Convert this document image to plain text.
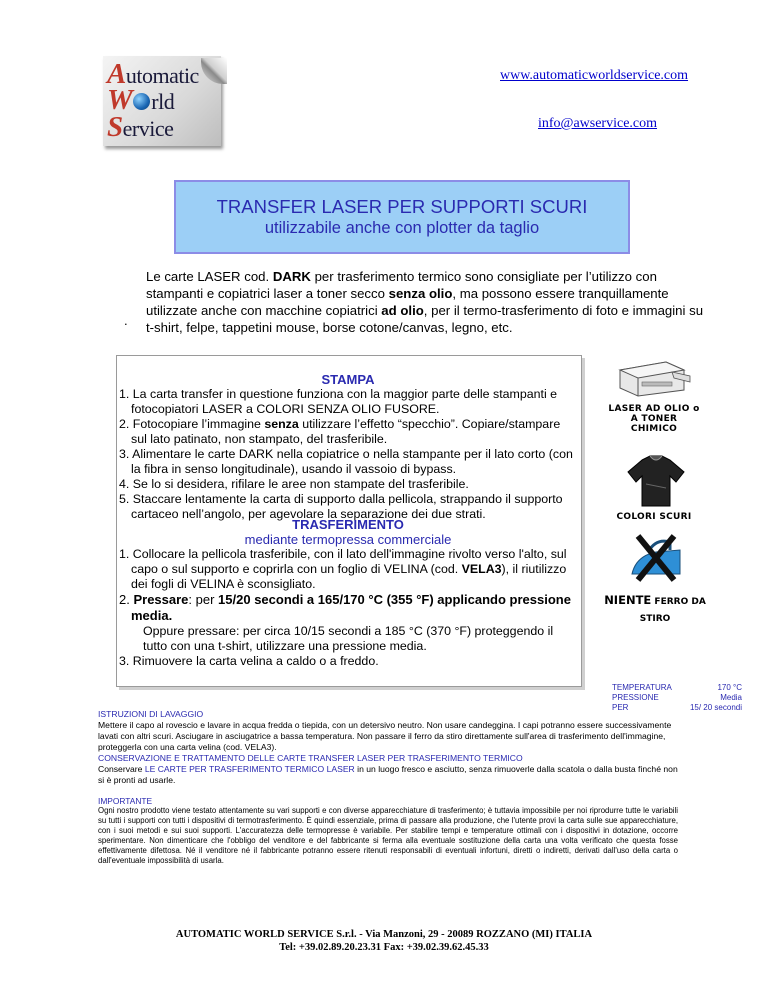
Automatic
W rld
Service
www.automaticworldservice.com
info@awservice.com
TRANSFER LASER PER SUPPORTI SCURI
utilizzabile anche con plotter da taglio
Le carte LASER cod. DARK per trasferimento termico sono consigliate per l’utilizzo con stampanti e copiatrici laser a toner secco senza olio, ma possono essere tranquillamente utilizzate anche con macchine copiatrici ad olio, per il termo-trasferimento di foto e immagini su t-shirt, felpe, tappetini mouse, borse cotone/canvas, legno, etc.
.
STAMPA
1. La carta transfer in questione funziona con la maggior parte delle stampanti e fotocopiatori LASER a COLORI SENZA OLIO FUSORE.
2. Fotocopiare l’immagine senza utilizzare l’effetto “specchio”. Copiare/stampare sul lato patinato, non stampato, del trasferibile.
3. Alimentare le carte DARK nella copiatrice o nella stampante per il lato corto (con la fibra in senso longitudinale), usando il vassoio di bypass.
4. Se lo si desidera, rifilare le aree non stampate del trasferibile.
5. Staccare lentamente la carta di supporto dalla pellicola, strappando il supporto cartaceo nell’angolo, per agevolare la separazione dei due strati.
TRASFERIMENTO
mediante termopressa commerciale
1. Collocare la pellicola trasferibile, con il lato dell'immagine rivolto verso l'alto, sul capo o sul supporto e coprirla con un foglio di VELINA (cod. VELA3), il riutilizzo dei fogli di VELINA è sconsigliato.
2. Pressare: per 15/20 secondi a 165/170 °C (355 °F) applicando pressione media.
Oppure pressare: per circa 10/15 secondi a 185 °C (370 °F) proteggendo il tutto con una t-shirt, utilizzare una pressione media.
3. Rimuovere la carta velina a caldo o a freddo.
LASER AD OLIO o A TONER CHIMICO
COLORI SCURI
NIENTE FERRO DA STIRO
TEMPERATURA	170 °C
PRESSIONE	Media
PER	15/ 20 secondi
ISTRUZIONI DI LAVAGGIO
Mettere il capo al rovescio e lavare in acqua fredda o tiepida, con un detersivo neutro. Non usare candeggina. I capi potranno essere successivamente lavati con altri scuri. Asciugare in asciugatrice a bassa temperatura. Non passare il ferro da stiro direttamente sull'area di trasferimento dell'immagine, proteggerla con una carta velina (cod. VELA3).
CONSERVAZIONE E TRATTAMENTO DELLE CARTE TRANSFER LASER PER TRASFERIMENTO TERMICO
Conservare LE CARTE PER TRASFERIMENTO TERMICO LASER in un luogo fresco e asciutto, senza rimuoverle dalla scatola o dalla busta finché non si è pronti ad usarle.
IMPORTANTE
Ogni nostro prodotto viene testato attentamente su vari supporti e con diverse apparecchiature di trasferimento; è tuttavia impossibile per noi riprodurre tutte le variabili su tutti i supporti con tutti i dispositivi di termotrasferimento. È quindi essenziale, prima di passare alla produzione, che l'utente provi la carta sulle sue apparecchiature, con i suoi metodi e sui suoi supporti. L'accuratezza delle termopresse è variabile. Per stabilire tempi e temperature ottimali con i dispositivi in dotazione, occorre sperimentare. Non dimenticare che l'obbligo del venditore e del fabbricante si ferma alla eventuale sostituzione della carta una volta verificato che questa fosse effettivamente difettosa. Né il venditore né il fabbricante potranno essere ritenuti responsabili di eventuali infortuni, diretti o indiretti, derivati dall'uso della carta o dall'eventuale impossibilità di usarla.
AUTOMATIC WORLD SERVICE S.r.l. - Via Manzoni, 29 - 20089 ROZZANO (MI) ITALIA
Tel: +39.02.89.20.23.31 Fax: +39.02.39.62.45.33
